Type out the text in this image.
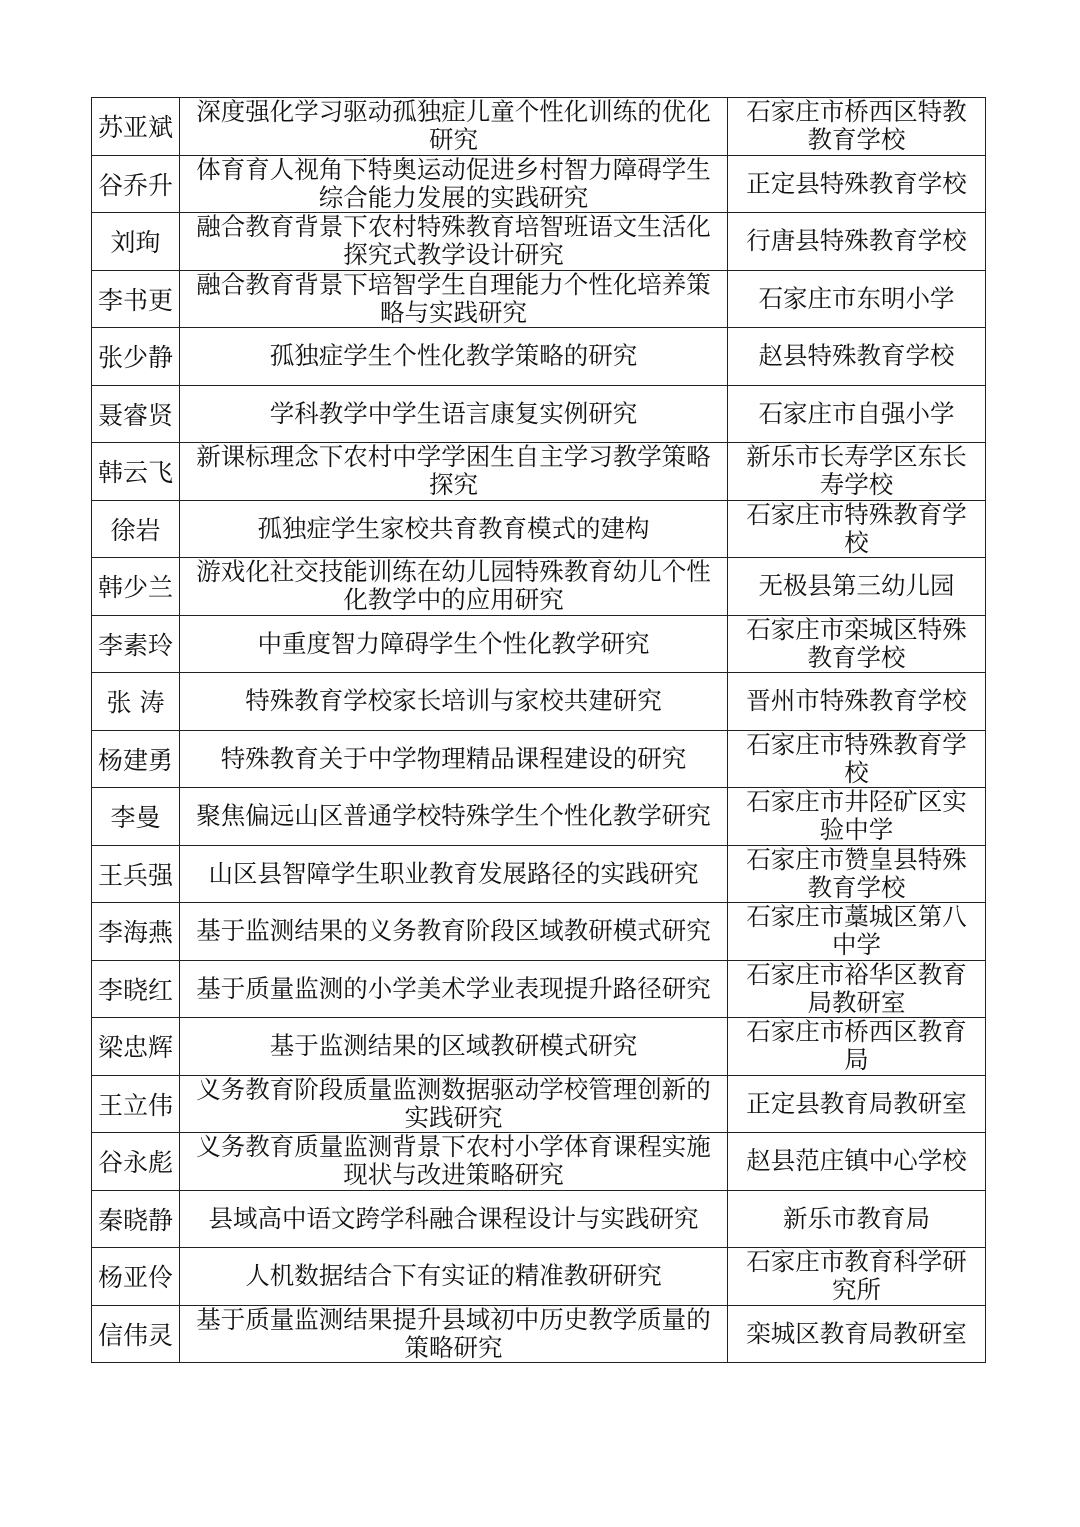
苏亚斌	深度强化学习驱动孤独症儿童个性化训练的优化研究	石家庄市桥西区特教教育学校

谷乔升	体育育人视角下特奥运动促进乡村智力障碍学生综合能力发展的实践研究	正定县特殊教育学校

刘珣	融合教育背景下农村特殊教育培智班语文生活化探究式教学设计研究	行唐县特殊教育学校

李书更	融合教育背景下培智学生自理能力个性化培养策略与实践研究	石家庄市东明小学

张少静	孤独症学生个性化教学策略的研究	赵县特殊教育学校

聂睿贤	学科教学中学生语言康复实例研究	石家庄市自强小学

韩云飞	新课标理念下农村中学学困生自主学习教学策略探究	新乐市长寿学区东长寿学校

徐岩	孤独症学生家校共育教育模式的建构	石家庄市特殊教育学校

韩少兰	游戏化社交技能训练在幼儿园特殊教育幼儿个性化教学中的应用研究	无极县第三幼儿园

李素玲	中重度智力障碍学生个性化教学研究	石家庄市栾城区特殊教育学校

张 涛	特殊教育学校家长培训与家校共建研究	晋州市特殊教育学校

杨建勇	特殊教育关于中学物理精品课程建设的研究	石家庄市特殊教育学校

李曼	聚焦偏远山区普通学校特殊学生个性化教学研究	石家庄市井陉矿区实验中学

王兵强	山区县智障学生职业教育发展路径的实践研究	石家庄市赞皇县特殊教育学校

李海燕	基于监测结果的义务教育阶段区域教研模式研究	石家庄市藁城区第八中学

李晓红	基于质量监测的小学美术学业表现提升路径研究	石家庄市裕华区教育局教研室

梁忠辉	基于监测结果的区域教研模式研究	石家庄市桥西区教育局

王立伟	义务教育阶段质量监测数据驱动学校管理创新的实践研究	正定县教育局教研室

谷永彪	义务教育质量监测背景下农村小学体育课程实施现状与改进策略研究	赵县范庄镇中心学校

秦晓静	县域高中语文跨学科融合课程设计与实践研究	新乐市教育局

杨亚伶	人机数据结合下有实证的精准教研研究	石家庄市教育科学研究所

信伟灵	基于质量监测结果提升县域初中历史教学质量的策略研究	栾城区教育局教研室
